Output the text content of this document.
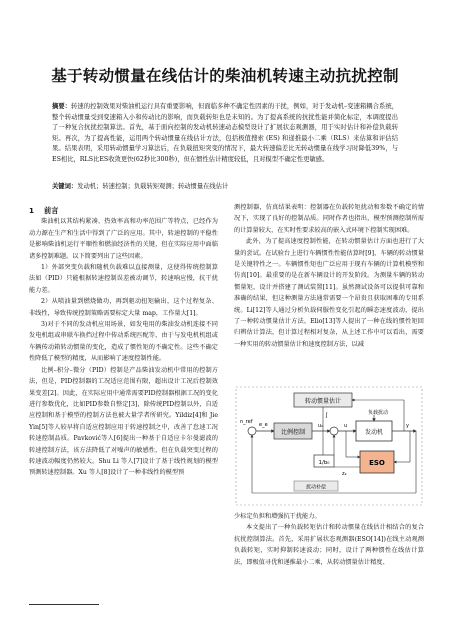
基于转动惯量在线估计的柴油机转速主动抗扰控制
摘要：转速的控制效果对柴油机运行具有重要影响，但面临多种不确定性因素的干扰，例如，对于发动机–变速箱耦合系统，整个转动惯量受到变速箱入小和传动比的影响，而负载转矩也是未知的。为了提高系统的抗扰性能并简化标定，本调度提出了一种复合抗扰控制算法。首先，基于面向控制的发动机转速动态模型设计了扩展状态观测器，用于实时估计和补偿负载转矩。再次，为了提高性能，运用两个转动惯量在线估计方法，包括极值搜索 (ES) 和递推最小二乘（RLS）来估算和评估结果。结果表明，采用转动惯量学习算法后，在负载扭矩突变的情况下，最大转速偏差比无转动惯量在线学习时降低39%，与ES相比，RLS比ES收敛更快(62秒比300秒)，但在惯性估计精度较低，且对模型不确定性更敏感。
关键词：发动机；转速控制；负载转矩观测；转动惯量在线估计

1 前言

柴油机以其结构紧凑、热效率高和功率范围广等特点，已经作为动力源在生产和生活中得到了广泛的应用。其中，转速控制的平稳性是影响柴油机运行平顺性和燃油经济性的关键，但在实际应用中面临诸多控制难题。以下简要列出了这些因素。

1）外部突变负载和随机负载难以直接测量，这使得传统控制算法如（PID）只能根据转速控制误差被动调节，转速响应慢，抗干扰能力差。

2）从喷油量到燃烧做功，再到驱动扭矩输出，这个过程复杂、非线性，导致传统控制策略需要标定大量 map，工作量大[1]。

3)对于不同的发动机应用场景，如发电用的柴油发动机连接不同发电机组或串联车换挡过程中传动系统匹配等，由于与发电机机组或车辆传动箱转动惯量的变化，造成了惯性矩的不确定性。这些不确定性降低了模型的精度，从而影响了速度控制性能。

比例–积分–微分（PID）控制是产品柴油发动机中常用的控制方法，但是，PID控制器的工况适应范围有限，超出设计工况后控制效果变差[2]。因此，在实际应用中通常需要PID控制器根据工况的变化进行参数优化，比如PID参数自整定[3]，除传统PID控制以外，自适应控制和基于模型的控制方法也被大量学者所研究。Yildiz[4]和 Jie Yin[5]等人较早将自适应控制应用于转速控制之中，改善了怠速工况转速控制品质。Pavković等人[6]提出一种基于自适应卡尔曼滤波的转速控制方法，该方法降低了对噪声的敏感性，但在负载突变过程的转速波动幅度仍然较大。Shu Li 等人[7]设计了基于线性规划的模型预测转速控制器。Xu 等人[8]设计了一种非线性的模型预

测控制器，仿真结果表明：控制器在负载转矩扰动和参数不确定的情况下，实现了良好的控制品质。同时作者也指出，模型预测控制所需的计算量较大，在实时性要求较高的嵌入式环境下控制实现困难。

此外，为了提高速度控制性能，在转动惯量估计方面也进行了大量的尝试。在试验台上进行车辆惯性性能估算时[9]，车辆的转动惯量是关键特性之一。车辆惯性矩也广泛应用于现有车辆的计算机模型和仿真[10]。最重要的是在新车辆设计的开发阶段。为测量车辆的转动惯量矩，设计并搭建了测试装置[11]。虽然测试设备可以提供可靠和准确的结果，但这种测量方法通常需要一个昂贵且获取困难的专用系统。Li[12]等人通过分析负载伺服性变化引起的瞬态速度波动，提出了一种转动惯量估计方法。Elio[13]等人提出了一种在线的惯性矩回归辨估计算法，但计算过程相对复杂，从上述工作中可以看出，需要一种实用的转动惯量估计和速度控制方法，以减

转动惯量估计
n_ref e_e
比例控制
u₀	u
发动机
y
负载扰动
Ĵ
1/b₀	ESO
z₂
扰动补偿

少标定负担和增强抗干扰能力。

本文提出了一种负载转矩估计和转动惯量在线估计相结合的复合抗扰控制算法。首先，采用扩展状态观测器(ESO[14])在线主动观测负载转矩，实时抑制转速波动；同时，设计了两种惯性在线估计算法，即极值寻优和递推最小二乘，从转动惯量估计精度、
